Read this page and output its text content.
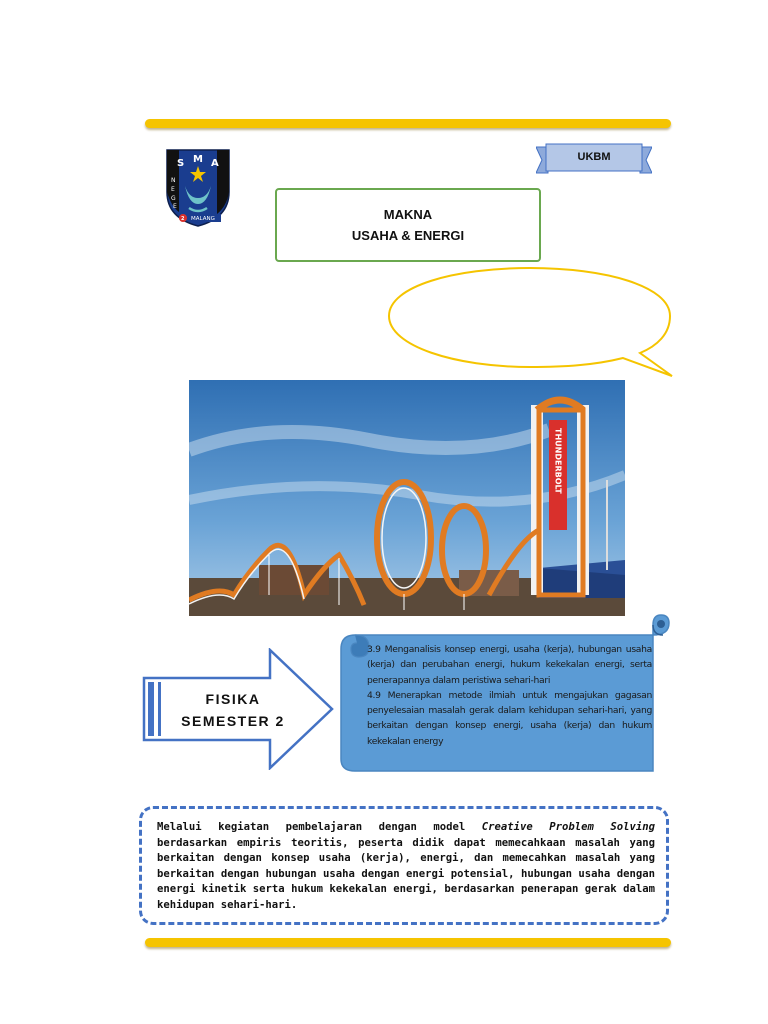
S M A
N
E
G
E
2 MALANG
UKBM
MAKNA
USAHA & ENERGI
THUNDERBOLT
FISIKA
SEMESTER 2

3.9 Menganalisis konsep energi, usaha (kerja), hubungan usaha (kerja) dan perubahan energi, hukum kekekalan energi, serta penerapannya dalam peristiwa sehari-hari

4.9 Menerapkan metode ilmiah untuk mengajukan gagasan penyelesaian masalah gerak dalam kehidupan sehari-hari, yang berkaitan dengan konsep energi, usaha (kerja) dan hukum kekekalan energy

Melalui kegiatan pembelajaran dengan model Creative Problem Solving berdasarkan empiris teoritis, peserta didik dapat memecahkaan masalah yang berkaitan dengan konsep usaha (kerja), energi, dan memecahkan masalah yang berkaitan dengan hubungan usaha dengan energi potensial, hubungan usaha dengan energi kinetik serta hukum kekekalan energi, berdasarkan penerapan gerak dalam kehidupan sehari-hari.
